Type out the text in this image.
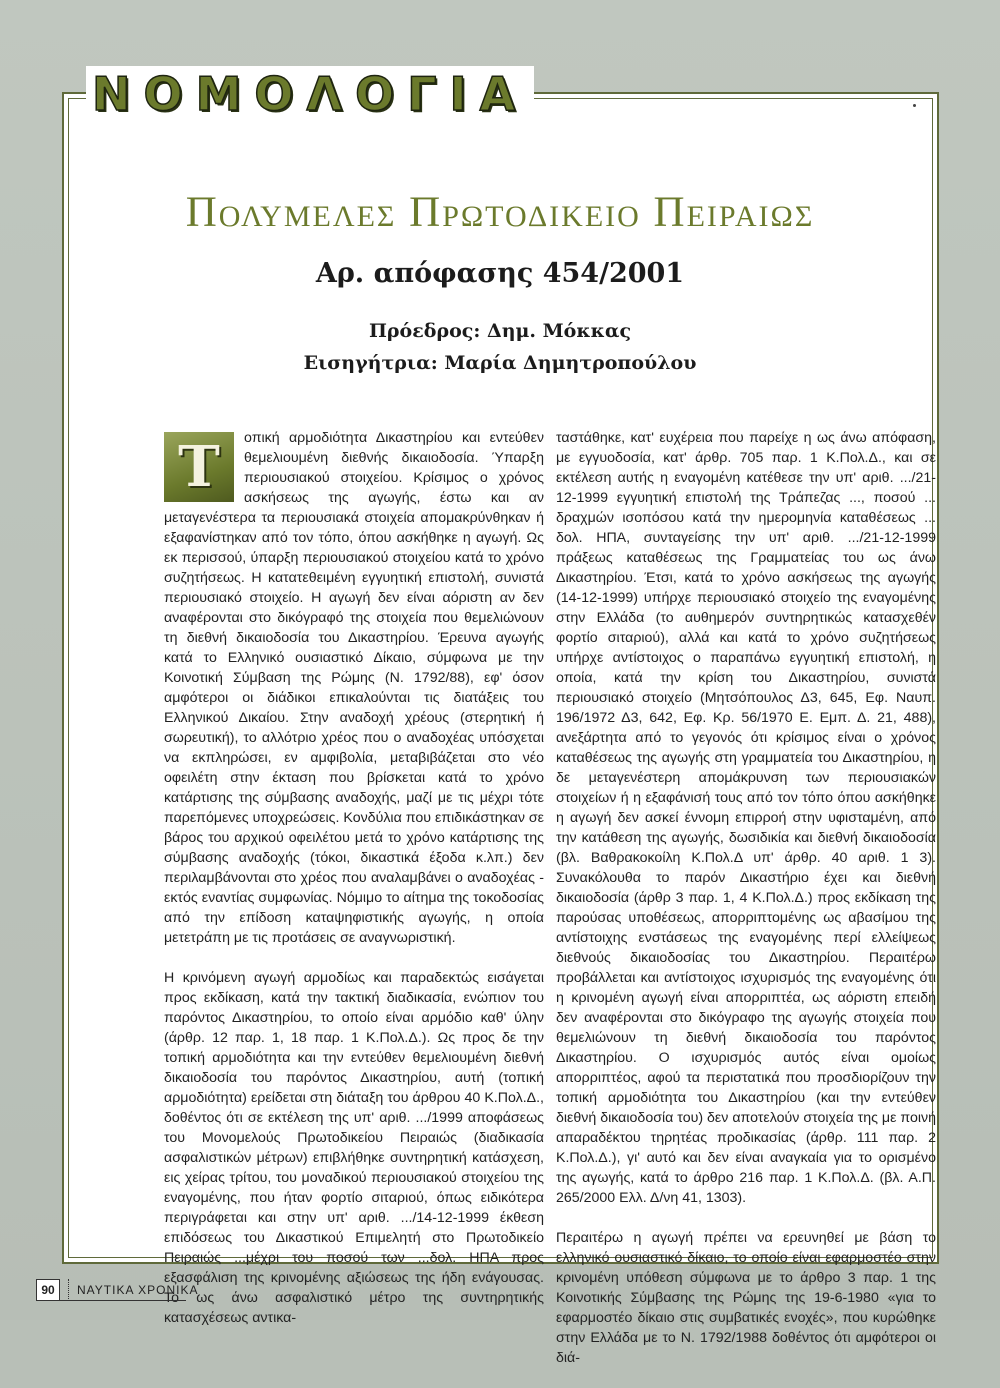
ΝΟΜΟΛΟΓΙΑ
Πολυμελες Πρωτοδικειο Πειραιως
Αρ. απόφασης 454/2001
Πρόεδρος: Δημ. Μόκκας
Εισηγήτρια: Μαρία Δημητροπούλου

Τ	οπική αρμοδιότητα Δικαστηρίου και εντεύθεν θεμελιουμένη διεθνής δικαιοδοσία. Ύπαρξη περιουσιακού στοιχείου. Κρίσιμος ο χρόνος ασκήσεως της αγωγής, έστω και αν μεταγενέστερα τα περιουσιακά στοιχεία απομακρύνθηκαν ή εξαφανίστηκαν από τον τόπο, όπου ασκήθηκε η αγωγή. Ως εκ περισσού, ύπαρξη περιουσιακού στοιχείου κατά το χρόνο συζητήσεως. Η κατατεθειμένη εγγυητική επιστολή, συνιστά περιουσιακό στοιχείο. Η αγωγή δεν είναι αόριστη αν δεν αναφέρονται στο δικόγραφό της στοιχεία που θεμελιώνουν τη διεθνή δικαιοδοσία του Δικαστηρίου. Έρευνα αγωγής κατά το Ελληνικό ουσιαστικό Δίκαιο, σύμφωνα με την Κοινοτική Σύμβαση της Ρώμης (Ν. 1792/88), εφ' όσον αμφότεροι οι διάδικοι επικαλούνται τις διατάξεις του Ελληνικού Δικαίου. Στην αναδοχή χρέους (στερητική ή σωρευτική), το αλλότριο χρέος που ο αναδοχέας υπόσχεται να εκπληρώσει, εν αμφιβολία, μεταβιβάζεται στο νέο οφειλέτη στην έκταση που βρίσκεται κατά το χρόνο κατάρτισης της σύμβασης αναδοχής, μαζί με τις μέχρι τότε παρεπόμενες υποχρεώσεις. Κονδύλια που επιδικάστηκαν σε βάρος του αρχικού οφειλέτου μετά το χρόνο κατάρτισης της σύμβασης αναδοχής (τόκοι, δικαστικά έξοδα κ.λπ.) δεν περιλαμβάνονται στο χρέος που αναλαμβάνει ο αναδοχέας - εκτός εναντίας συμφωνίας. Νόμιμο το αίτημα της τοκοδοσίας από την επίδοση καταψηφιστικής αγωγής, η οποία μετετράπη με τις προτάσεις σε αναγνωριστική.

Η κρινόμενη αγωγή αρμοδίως και παραδεκτώς εισάγεται προς εκδίκαση, κατά την τακτική διαδικασία, ενώπιον του παρόντος Δικαστηρίου, το οποίο είναι αρμόδιο καθ' ύλην (άρθρ. 12 παρ. 1, 18 παρ. 1 Κ.Πολ.Δ.). Ως προς δε την τοπική αρμοδιότητα και την εντεύθεν θεμελιουμένη διεθνή δικαιοδοσία του παρόντος Δικαστηρίου, αυτή (τοπική αρμοδιότητα) ερείδεται στη διάταξη του άρθρου 40 Κ.Πολ.Δ., δοθέντος ότι σε εκτέλεση της υπ' αριθ. .../1999 αποφάσεως του Μονομελούς Πρωτοδικείου Πειραιώς (διαδικασία ασφαλιστικών μέτρων) επιβλήθηκε συντηρητική κατάσχεση, εις χείρας τρίτου, του μοναδικού περιουσιακού στοιχείου της εναγομένης, που ήταν φορτίο σιταριού, όπως ειδικότερα περιγράφεται και στην υπ' αριθ. .../14-12-1999 έκθεση επιδόσεως του Δικαστικού Επιμελητή στο Πρωτοδικείο Πειραιώς ...μέχρι του ποσού των ...δολ. ΗΠΑ προς εξασφάλιση της κρινομένης αξιώσεως της ήδη ενάγουσας. Το ως άνω ασφαλιστικό μέτρο της συντηρητικής κατασχέσεως αντικα-

ταστάθηκε, κατ' ευχέρεια που παρείχε η ως άνω απόφαση, με εγγυοδοσία, κατ' άρθρ. 705 παρ. 1 Κ.Πολ.Δ., και σε εκτέλεση αυτής η εναγομένη κατέθεσε την υπ' αριθ. .../21-12-1999 εγγυητική επιστολή της Τράπεζας ..., ποσού ... δραχμών ισοπόσου κατά την ημερομηνία καταθέσεως ... δολ. ΗΠΑ, συνταγείσης την υπ' αριθ. .../21-12-1999 πράξεως καταθέσεως της Γραμματείας του ως άνω Δικαστηρίου. Έτσι, κατά το χρόνο ασκήσεως της αγωγής (14-12-1999) υπήρχε περιουσιακό στοιχείο της εναγομένης στην Ελλάδα (το αυθημερόν συντηρητικώς κατασχεθέν φορτίο σιταριού), αλλά και κατά το χρόνο συζητήσεως υπήρχε αντίστοιχος ο παραπάνω εγγυητική επιστολή, η οποία, κατά την κρίση του Δικαστηρίου, συνιστά περιουσιακό στοιχείο (Μητσόπουλος Δ3, 645, Εφ. Ναυπ. 196/1972 Δ3, 642, Εφ. Κρ. 56/1970 Ε. Εμπ. Δ. 21, 488), ανεξάρτητα από το γεγονός ότι κρίσιμος είναι ο χρόνος καταθέσεως της αγωγής στη γραμματεία του Δικαστηρίου, η δε μεταγενέστερη απομάκρυνση των περιουσιακών στοιχείων ή η εξαφάνισή τους από τον τόπο όπου ασκήθηκε η αγωγή δεν ασκεί έννομη επιρροή στην υφισταμένη, από την κατάθεση της αγωγής, δωσιδικία και διεθνή δικαιοδοσία (βλ. Βαθρακοκοίλη Κ.Πολ.Δ υπ' άρθρ. 40 αριθ. 1 3). Συνακόλουθα το παρόν Δικαστήριο έχει και διεθνή δικαιοδοσία (άρθρ 3 παρ. 1, 4 Κ.Πολ.Δ.) προς εκδίκαση της παρούσας υποθέσεως, απορριπτομένης ως αβασίμου της αντίστοιχης ενστάσεως της εναγομένης περί ελλείψεως διεθνούς δικαιοδοσίας του Δικαστηρίου. Περαιτέρω προβάλλεται και αντίστοιχος ισχυρισμός της εναγομένης ότι η κρινομένη αγωγή είναι απορριπτέα, ως αόριστη επειδή δεν αναφέρονται στο δικόγραφο της αγωγής στοιχεία που θεμελιώνουν τη διεθνή δικαιοδοσία του παρόντος Δικαστηρίου. Ο ισχυρισμός αυτός είναι ομοίως απορριπτέος, αφού τα περιστατικά που προσδιορίζουν την τοπική αρμοδιότητα του Δικαστηρίου (και την εντεύθεν διεθνή δικαιοδοσία του) δεν αποτελούν στοιχεία της με ποινή απαραδέκτου τηρητέας προδικασίας (άρθρ. 111 παρ. 2 Κ.Πολ.Δ.), γι' αυτό και δεν είναι αναγκαία για το ορισμένο της αγωγής, κατά το άρθρο 216 παρ. 1 Κ.Πολ.Δ. (βλ. Α.Π. 265/2000 Ελλ. Δ/νη 41, 1303).

Περαιτέρω η αγωγή πρέπει να ερευνηθεί με βάση το ελληνικό ουσιαστικό δίκαιο, το οποίο είναι εφαρμοστέο στην κρινομένη υπόθεση σύμφωνα με το άρθρο 3 παρ. 1 της Κοινοτικής Σύμβασης της Ρώμης της 19-6-1980 «για το εφαρμοστέο δίκαιο στις συμβατικές ενοχές», που κυρώθηκε στην Ελλάδα με το Ν. 1792/1988 δοθέντος ότι αμφότεροι οι διά-

90	ΝΑΥΤΙΚΑ ΧΡΟΝΙΚΑ
